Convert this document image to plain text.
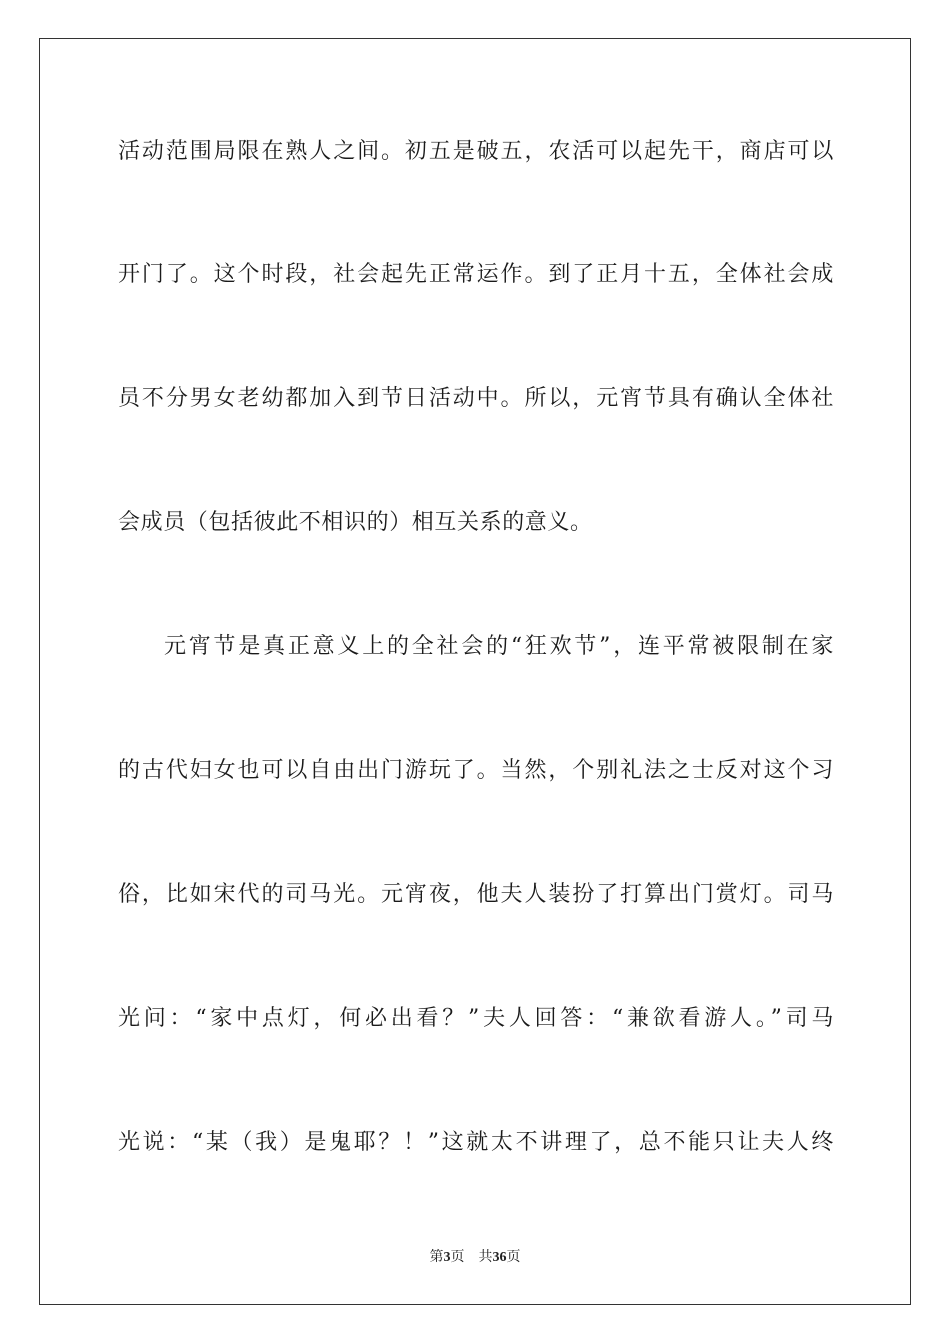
活动范围局限在熟人之间。初五是破五，农活可以起先干，商店可以

开门了。这个时段，社会起先正常运作。到了正月十五，全体社会成

员不分男女老幼都加入到节日活动中。所以，元宵节具有确认全体社

会成员（包括彼此不相识的）相互关系的意义。

元宵节是真正意义上的全社会的“狂欢节”，连平常被限制在家

的古代妇女也可以自由出门游玩了。当然，个别礼法之士反对这个习

俗，比如宋代的司马光。元宵夜，他夫人装扮了打算出门赏灯。司马

光问：“家中点灯，何必出看？”夫人回答：“兼欲看游人。”司马

光说：“某（我）是鬼耶？！”这就太不讲理了，总不能只让夫人终

第3页 共36页
